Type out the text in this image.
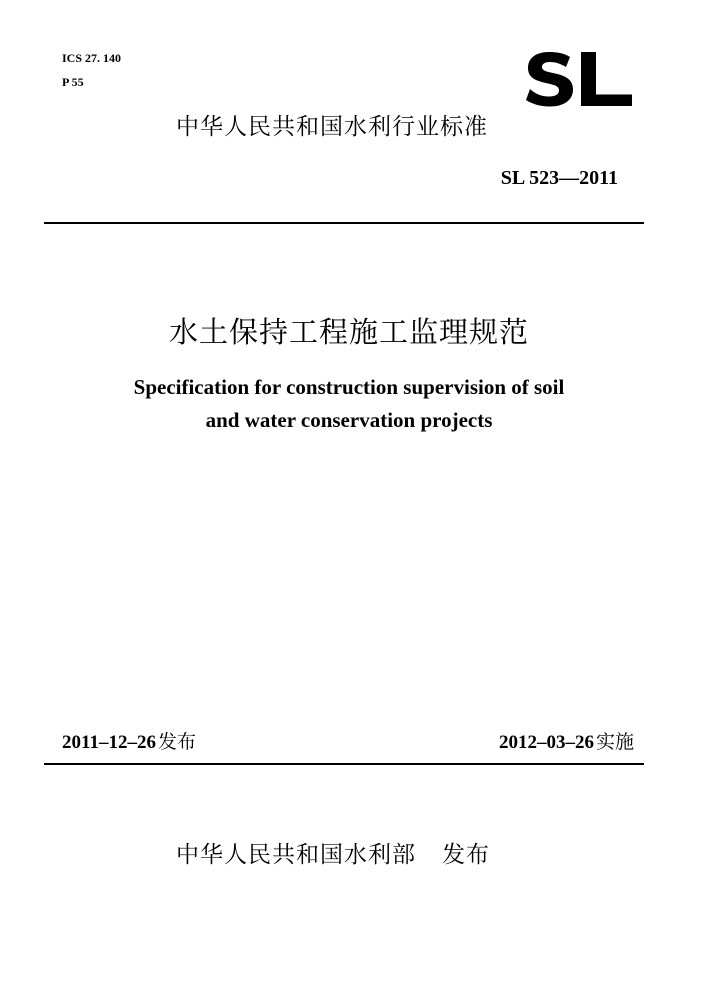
ICS 27. 140
P 55
中华人民共和国水利行业标准
SL 523—2011
水土保持工程施工监理规范
Specification for construction supervision of soil
and water conservation projects
2011–12–26 发布	2012–03–26 实施
中华人民共和国水利部 发布
